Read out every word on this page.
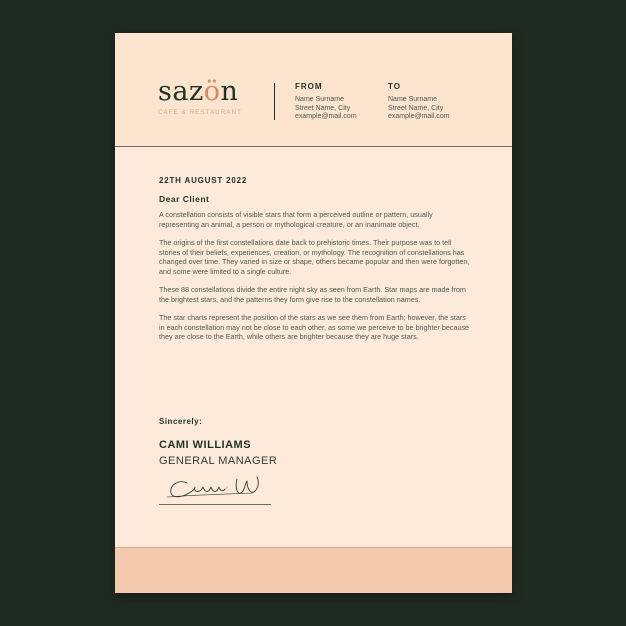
sazön
CAFE & RESTAURANT
FROM
Name Surname
Street Name, City
example@mail.com
TO
Name Surname
Street Name, City
example@mail.com
22TH AUGUST 2022
Dear Client

A constellation consists of visible stars that form a perceived outline or pattern, usually representing an animal, a person or mythological creature, or an inanimate object.

The origins of the first constellations date back to prehistoric times. Their purpose was to tell stories of their beliefs, experiences, creation, or mythology. The recognition of constellations has changed over time. They varied in size or shape, others became popular and then were forgotten, and some were limited to a single culture.

These 88 constellations divide the entire night sky as seen from Earth. Star maps are made from the brightest stars, and the patterns they form give rise to the constellation names.

The star charts represent the position of the stars as we see them from Earth; however, the stars in each constellation may not be close to each other, as some we perceive to be brighter because they are close to the Earth, while others are brighter because they are huge stars.

Sincerely:
CAMI WILLIAMS
GENERAL MANAGER
